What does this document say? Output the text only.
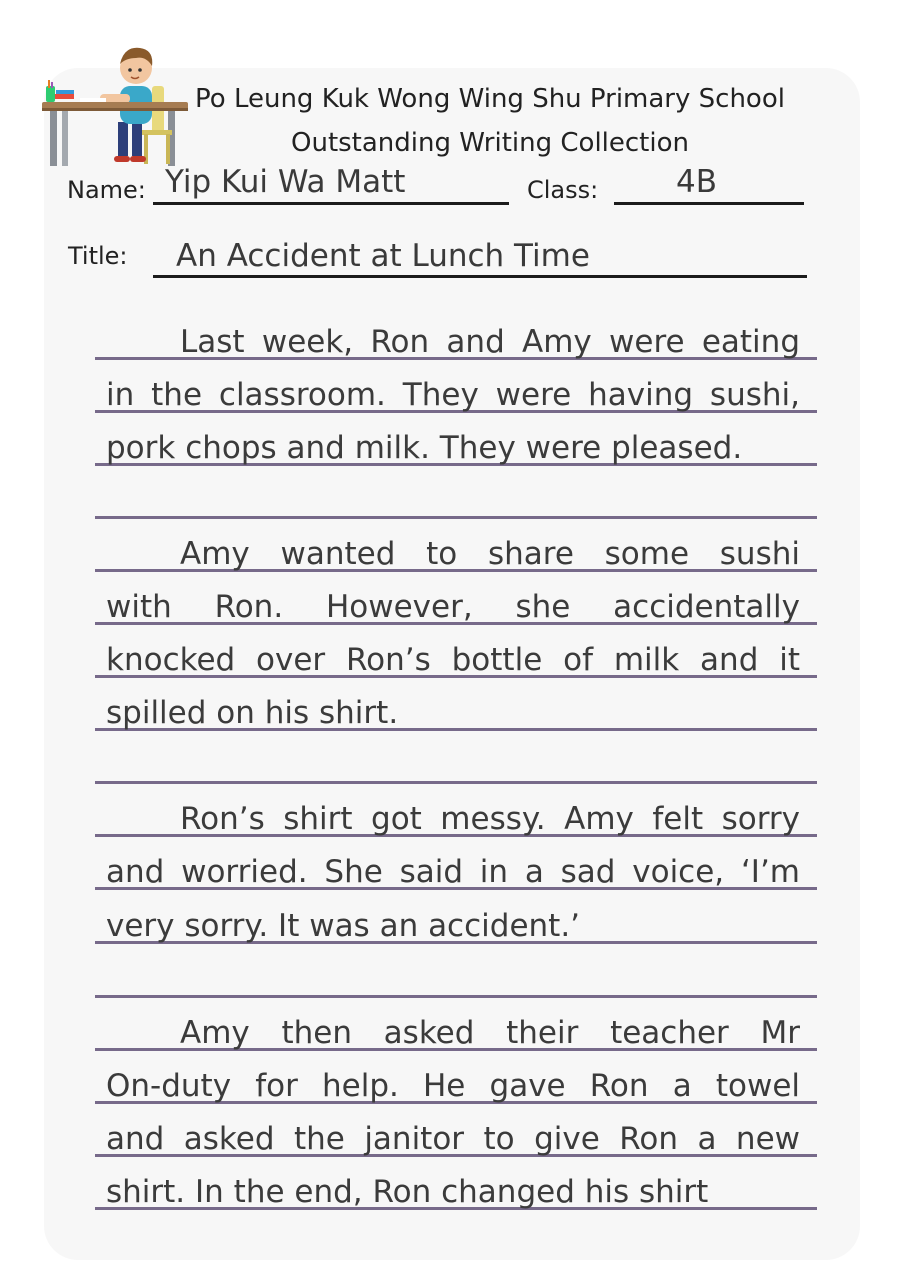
Po Leung Kuk Wong Wing Shu Primary School
Outstanding Writing Collection
Name: Yip Kui Wa Matt	Class:	4B
Title: An Accident at Lunch Time
Last week, Ron and Amy were eating
in the classroom. They were having sushi,
pork chops and milk. They were pleased.
Amy wanted to share some sushi
with Ron. However, she accidentally
knocked over Ron’s bottle of milk and it
spilled on his shirt.
Ron’s shirt got messy. Amy felt sorry
and worried. She said in a sad voice, ‘I’m
very sorry. It was an accident.’
Amy then asked their teacher Mr
On-duty for help. He gave Ron a towel
and asked the janitor to give Ron a new
shirt. In the end, Ron changed his shirt
